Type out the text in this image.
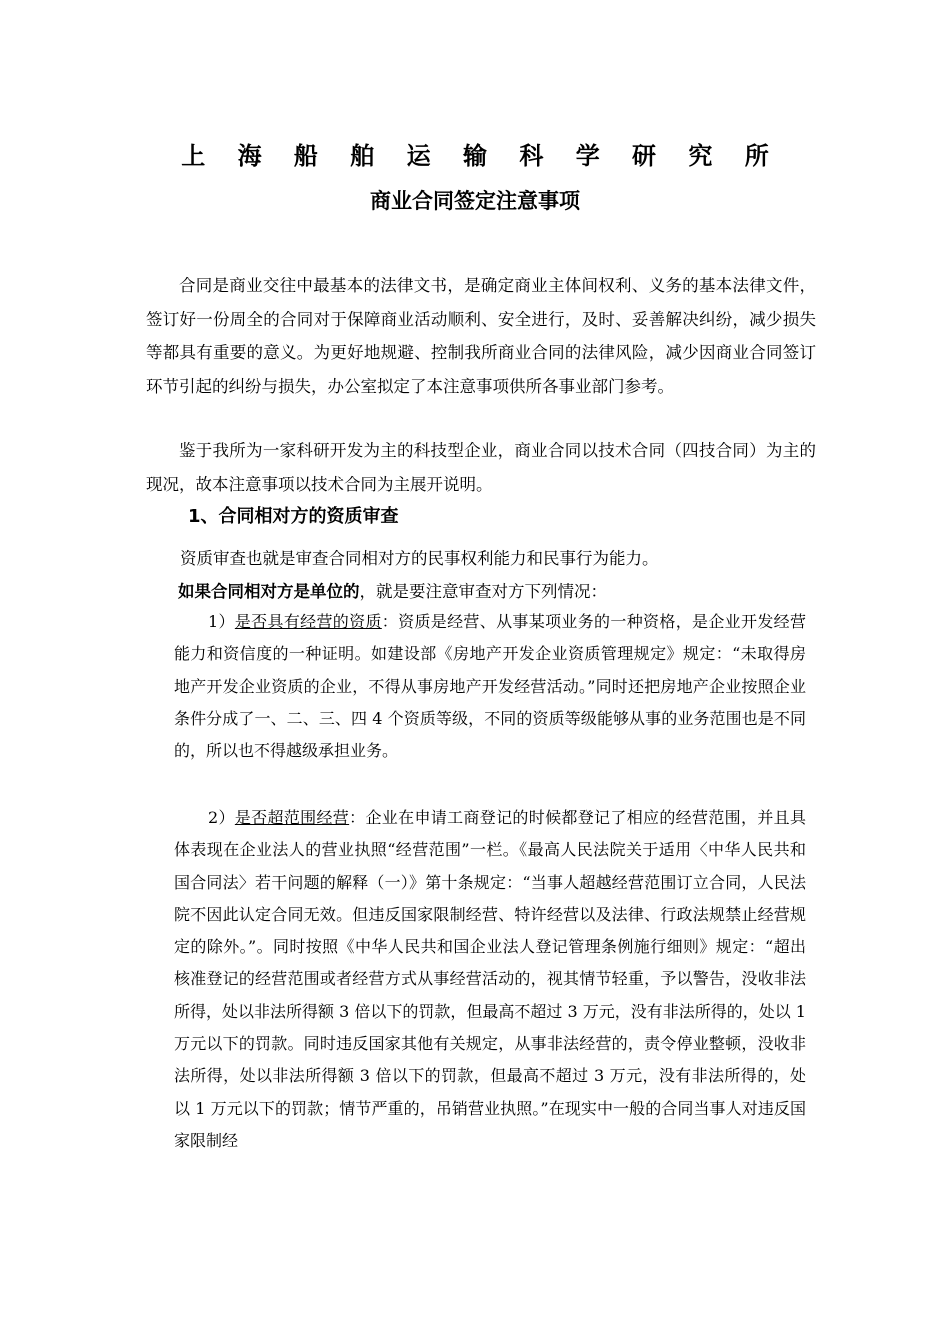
上 海 船 舶 运 输 科 学 研 究 所
商业合同签定注意事项
合同是商业交往中最基本的法律文书，是确定商业主体间权利、义务的基本法律文件，签订好一份周全的合同对于保障商业活动顺利、安全进行，及时、妥善解决纠纷，减少损失等都具有重要的意义。为更好地规避、控制我所商业合同的法律风险，减少因商业合同签订环节引起的纠纷与损失，办公室拟定了本注意事项供所各事业部门参考。
鉴于我所为一家科研开发为主的科技型企业，商业合同以技术合同（四技合同）为主的现况，故本注意事项以技术合同为主展开说明。
1、合同相对方的资质审查
资质审查也就是审查合同相对方的民事权利能力和民事行为能力。
如果合同相对方是单位的，就是要注意审查对方下列情况：
1）是否具有经营的资质：资质是经营、从事某项业务的一种资格，是企业开发经营能力和资信度的一种证明。如建设部《房地产开发企业资质管理规定》规定：“未取得房地产开发企业资质的企业，不得从事房地产开发经营活动。”同时还把房地产企业按照企业条件分成了一、二、三、四 4 个资质等级，不同的资质等级能够从事的业务范围也是不同的，所以也不得越级承担业务。
2）是否超范围经营：企业在申请工商登记的时候都登记了相应的经营范围，并且具体表现在企业法人的营业执照“经营范围”一栏。《最高人民法院关于适用〈中华人民共和国合同法〉若干问题的解释（一）》第十条规定：“当事人超越经营范围订立合同，人民法院不因此认定合同无效。但违反国家限制经营、特许经营以及法律、行政法规禁止经营规定的除外。”。同时按照《中华人民共和国企业法人登记管理条例施行细则》规定：“超出核准登记的经营范围或者经营方式从事经营活动的，视其情节轻重，予以警告，没收非法所得，处以非法所得额 3 倍以下的罚款，但最高不超过 3 万元，没有非法所得的，处以 1 万元以下的罚款。同时违反国家其他有关规定，从事非法经营的，责令停业整顿，没收非法所得，处以非法所得额 3 倍以下的罚款，但最高不超过 3 万元，没有非法所得的，处以 1 万元以下的罚款；情节严重的，吊销营业执照。”在现实中一般的合同当事人对违反国家限制经
